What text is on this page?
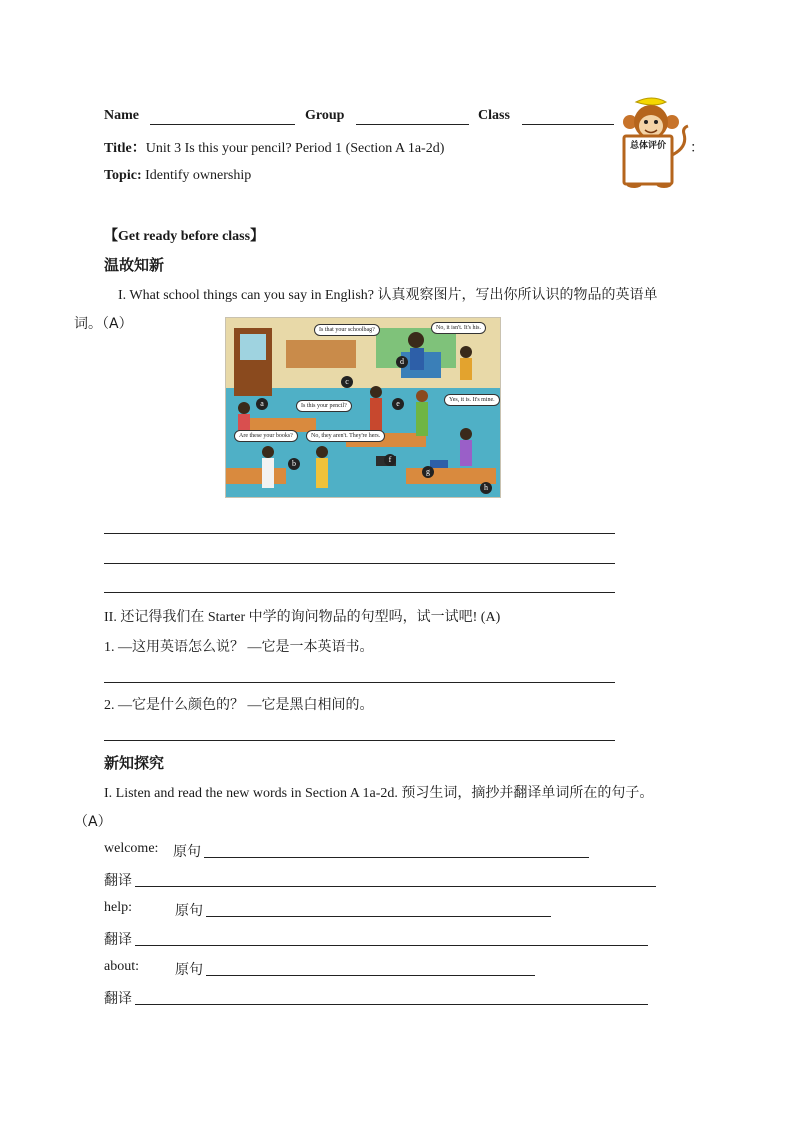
Name	Group	Class
Title：Unit 3 Is this your pencil? Period 1 (Section A 1a-2d)
Topic: Identify ownership
总体评价 ：
【Get ready before class】
温故知新
I. What school things can you say in English? 认真观察图片，写出你所认识的物品的英语单
词。（A）	Is that your schoolbag?	No, it isn't. It's his.
Is this your pencil?
Yes, it is. It's mine.
Are these your books?	No, they aren't. They're hers.
a
b
c
d
e
f
g
h
II. 还记得我们在 Starter 中学的询问物品的句型吗，试一试吧! (A)
1. —这用英语怎么说？ —它是一本英语书。
2. —它是什么颜色的？ —它是黑白相间的。
新知探究
I. Listen and read the new words in Section A 1a-2d. 预习生词，摘抄并翻译单词所在的句子。
（A）
welcome: 原句
翻译
help:	原句
翻译
about:	原句
翻译
